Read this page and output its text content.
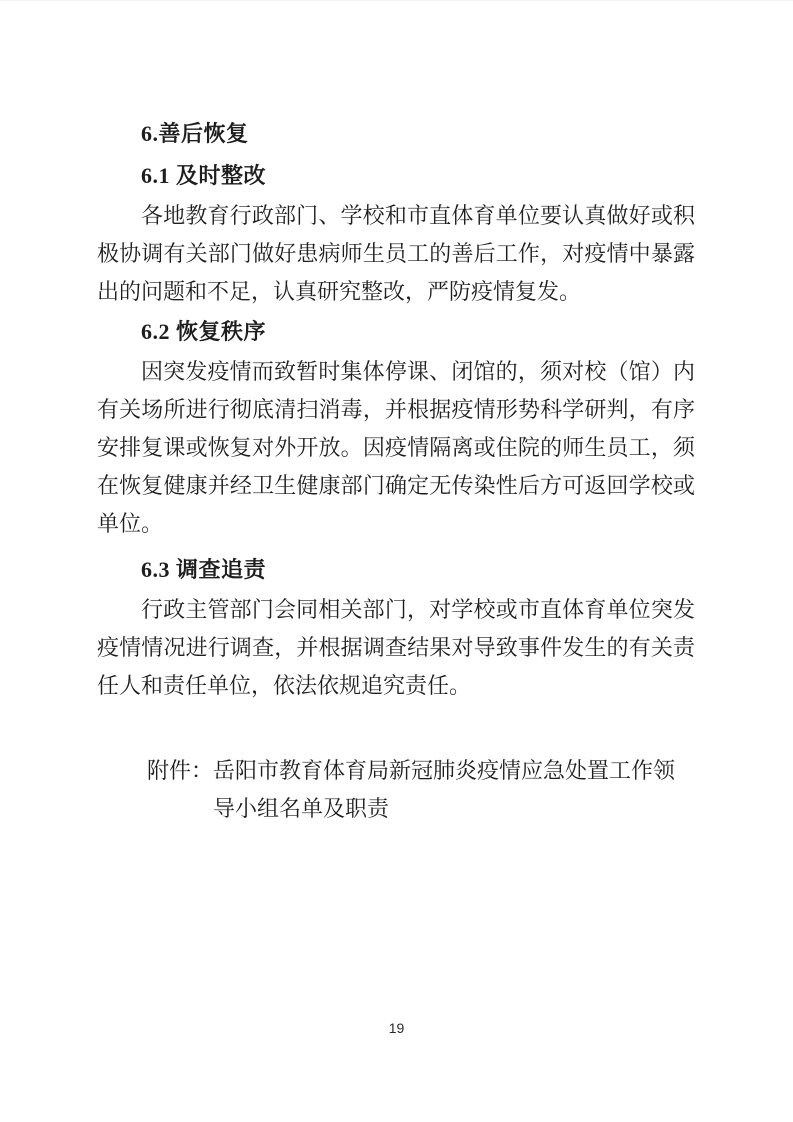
6.善后恢复
6.1 及时整改

各地教育行政部门、学校和市直体育单位要认真做好或积极协调有关部门做好患病师生员工的善后工作，对疫情中暴露出的问题和不足，认真研究整改，严防疫情复发。

6.2 恢复秩序

因突发疫情而致暂时集体停课、闭馆的，须对校（馆）内有关场所进行彻底清扫消毒，并根据疫情形势科学研判，有序安排复课或恢复对外开放。因疫情隔离或住院的师生员工，须在恢复健康并经卫生健康部门确定无传染性后方可返回学校或单位。

6.3 调查追责

行政主管部门会同相关部门，对学校或市直体育单位突发疫情情况进行调查，并根据调查结果对导致事件发生的有关责任人和责任单位，依法依规追究责任。

附件： 岳阳市教育体育局新冠肺炎疫情应急处置工作领导小组名单及职责
19
